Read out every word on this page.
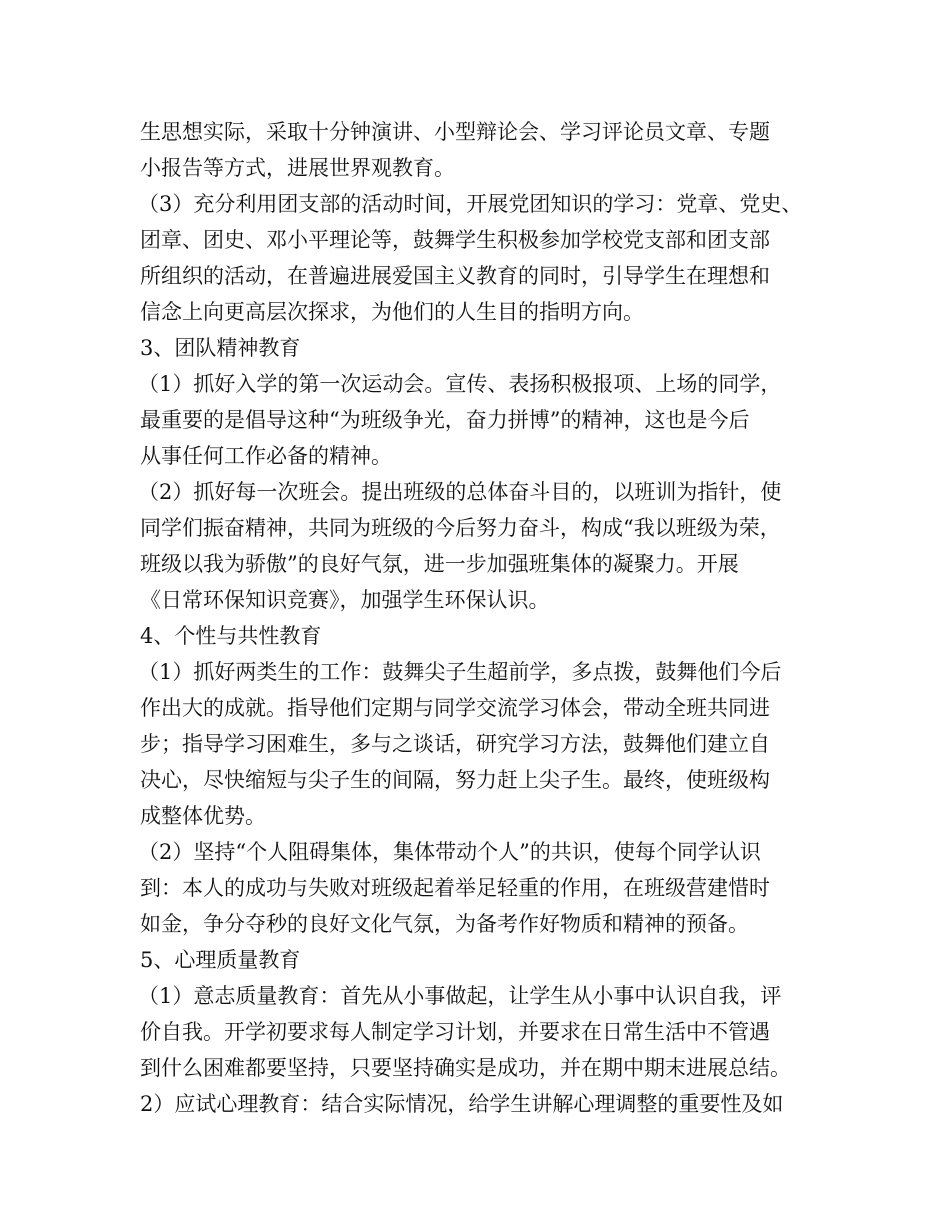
生思想实际，采取十分钟演讲、小型辩论会、学习评论员文章、专题
小报告等方式，进展世界观教育。
（3）充分利用团支部的活动时间，开展党团知识的学习：党章、党史、
团章、团史、邓小平理论等，鼓舞学生积极参加学校党支部和团支部
所组织的活动，在普遍进展爱国主义教育的同时，引导学生在理想和
信念上向更高层次探求，为他们的人生目的指明方向。
3、团队精神教育
（1）抓好入学的第一次运动会。宣传、表扬积极报项、上场的同学，
最重要的是倡导这种“为班级争光，奋力拼博”的精神，这也是今后
从事任何工作必备的精神。
（2）抓好每一次班会。提出班级的总体奋斗目的，以班训为指针，使
同学们振奋精神，共同为班级的今后努力奋斗，构成“我以班级为荣，
班级以我为骄傲”的良好气氛，进一步加强班集体的凝聚力。开展
《日常环保知识竞赛》，加强学生环保认识。
4、个性与共性教育
（1）抓好两类生的工作：鼓舞尖子生超前学，多点拨，鼓舞他们今后
作出大的成就。指导他们定期与同学交流学习体会，带动全班共同进
步；指导学习困难生，多与之谈话，研究学习方法，鼓舞他们建立自
决心，尽快缩短与尖子生的间隔，努力赶上尖子生。最终，使班级构
成整体优势。
（2）坚持“个人阻碍集体，集体带动个人”的共识，使每个同学认识
到：本人的成功与失败对班级起着举足轻重的作用，在班级营建惜时
如金，争分夺秒的良好文化气氛，为备考作好物质和精神的预备。
5、心理质量教育
（1）意志质量教育：首先从小事做起，让学生从小事中认识自我，评
价自我。开学初要求每人制定学习计划，并要求在日常生活中不管遇
到什么困难都要坚持，只要坚持确实是成功，并在期中期末进展总结。
2）应试心理教育：结合实际情况，给学生讲解心理调整的重要性及如
